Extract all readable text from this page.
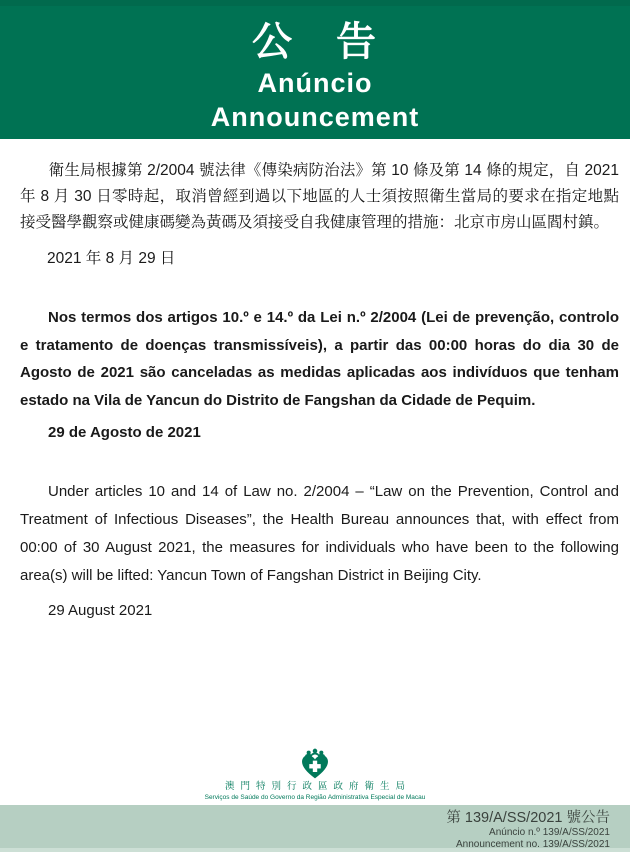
公　告
Anúncio
Announcement

衛生局根據第 2/2004 號法律《傳染病防治法》第 10 條及第 14 條的規定，自 2021 年 8 月 30 日零時起，取消曾經到過以下地區的人士須按照衛生當局的要求在指定地點接受醫學觀察或健康碼變為黃碼及須接受自我健康管理的措施：北京市房山區閻村鎮。

2021 年 8 月 29 日

Nos termos dos artigos 10.º e 14.º da Lei n.º 2/2004 (Lei de prevenção, controlo e tratamento de doenças transmissíveis), a partir das 00:00 horas do dia 30 de Agosto de 2021 são canceladas as medidas aplicadas aos indivíduos que tenham estado na Vila de Yancun do Distrito de Fangshan da Cidade de Pequim.

29 de Agosto de 2021

Under articles 10 and 14 of Law no. 2/2004 – “Law on the Prevention, Control and Treatment of Infectious Diseases”, the Health Bureau announces that, with effect from 00:00 of 30 August 2021, the measures for individuals who have been to the following area(s) will be lifted: Yancun Town of Fangshan District in Beijing City.

29 August 2021

澳門特別行政區政府衛生局
Serviços de Saúde do Governo da Região Administrativa Especial de Macau
第 139/A/SS/2021 號公告
Anúncio n.º 139/A/SS/2021
Announcement no. 139/A/SS/2021
